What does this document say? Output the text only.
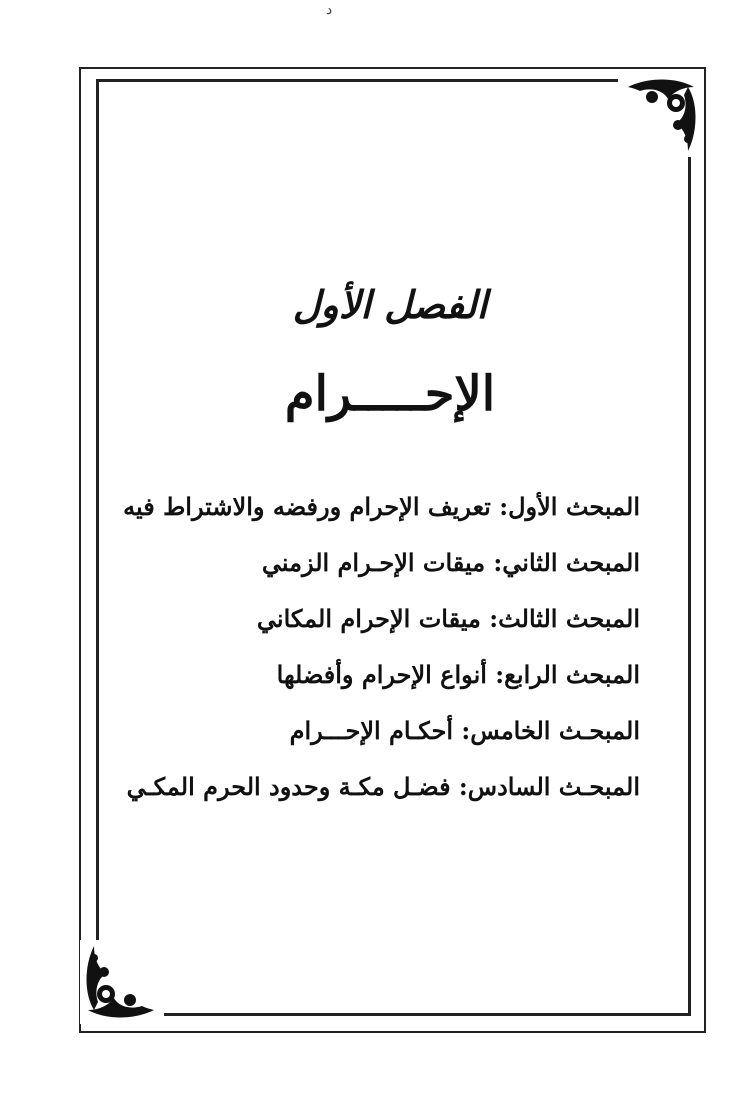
د
الفصل الأول
الإحـــــرام
المبحث الأول: تعريف الإحرام ورفضه والاشتراط فيه
المبحث الثاني: ميقات الإحـرام الزمني
المبحث الثالث: ميقات الإحرام المكاني
المبحث الرابع: أنواع الإحرام وأفضلها
المبحـث الخامس: أحكـام الإحـــرام
المبحـث السادس: فضـل مكـة وحدود الحرم المكـي
